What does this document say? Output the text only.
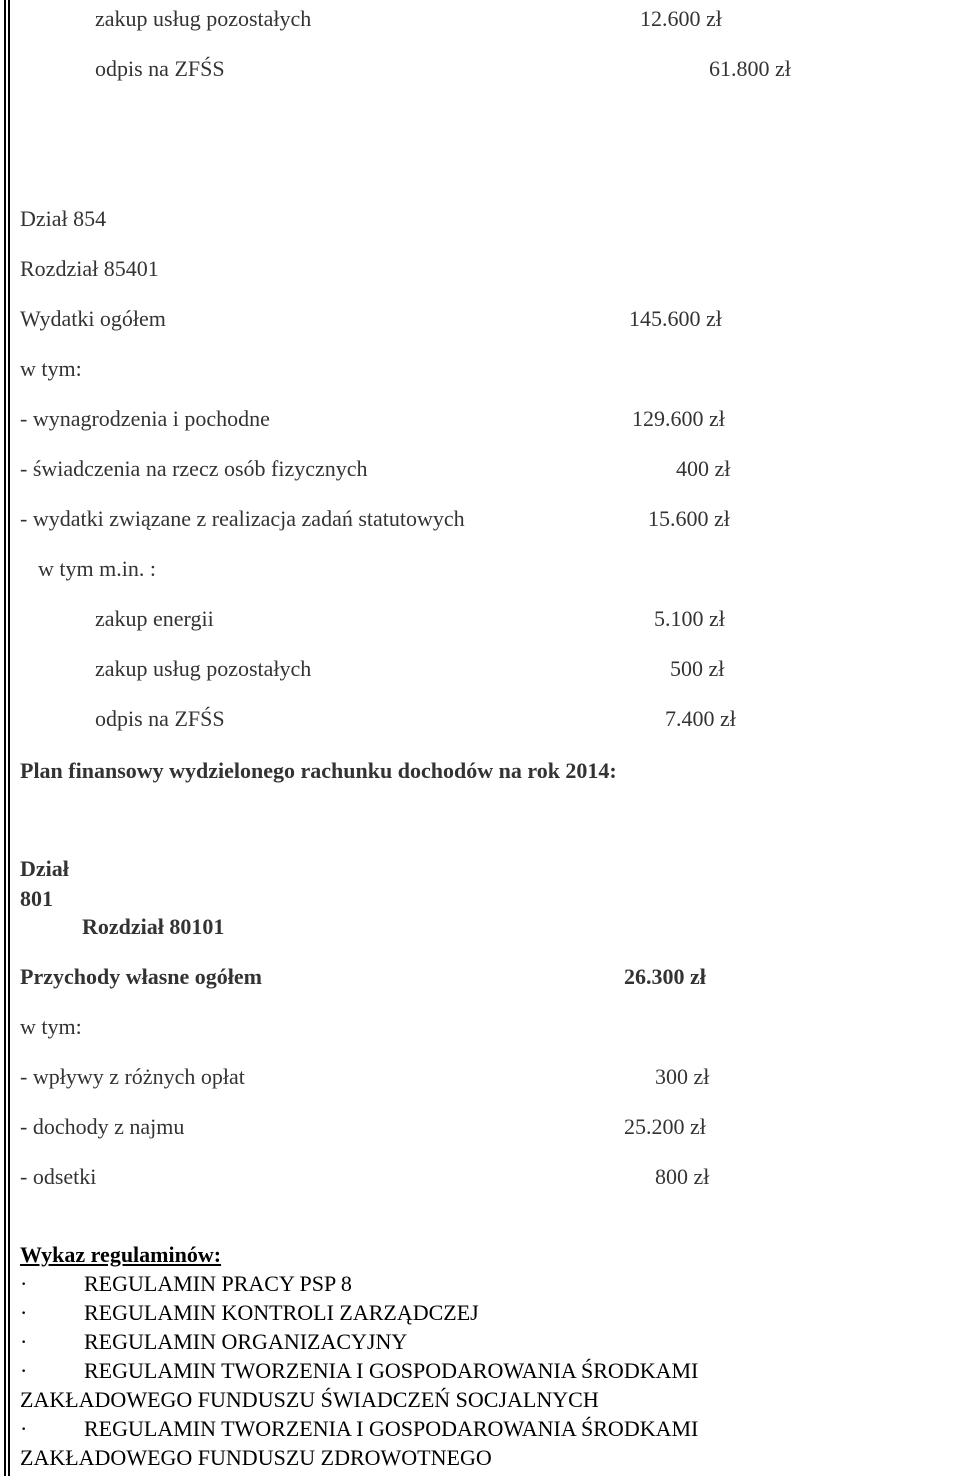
zakup usług pozostałych	12.600 zł
odpis na ZFŚS	61.800 zł
Dział 854
Rozdział 85401
Wydatki ogółem	145.600 zł
w tym:
- wynagrodzenia i pochodne	129.600 zł
- świadczenia na rzecz osób fizycznych	400 zł
- wydatki związane z realizacja zadań statutowych	15.600 zł
w tym m.in. :
zakup energii	5.100 zł
zakup usług pozostałych	500 zł
odpis na ZFŚS	7.400 zł
Plan finansowy wydzielonego rachunku dochodów na rok 2014:
Dział
801
Rozdział 80101
Przychody własne ogółem	26.300 zł
w tym:
- wpływy z różnych opłat	300 zł
- dochody z najmu	25.200 zł
- odsetki	800 zł
Wykaz regulaminów:
·	REGULAMIN PRACY PSP 8
·	REGULAMIN KONTROLI ZARZĄDCZEJ
·	REGULAMIN ORGANIZACYJNY
·	REGULAMIN TWORZENIA I GOSPODAROWANIA ŚRODKAMI
ZAKŁADOWEGO FUNDUSZU ŚWIADCZEŃ SOCJALNYCH
·	REGULAMIN TWORZENIA I GOSPODAROWANIA ŚRODKAMI
ZAKŁADOWEGO FUNDUSZU ZDROWOTNEGO
